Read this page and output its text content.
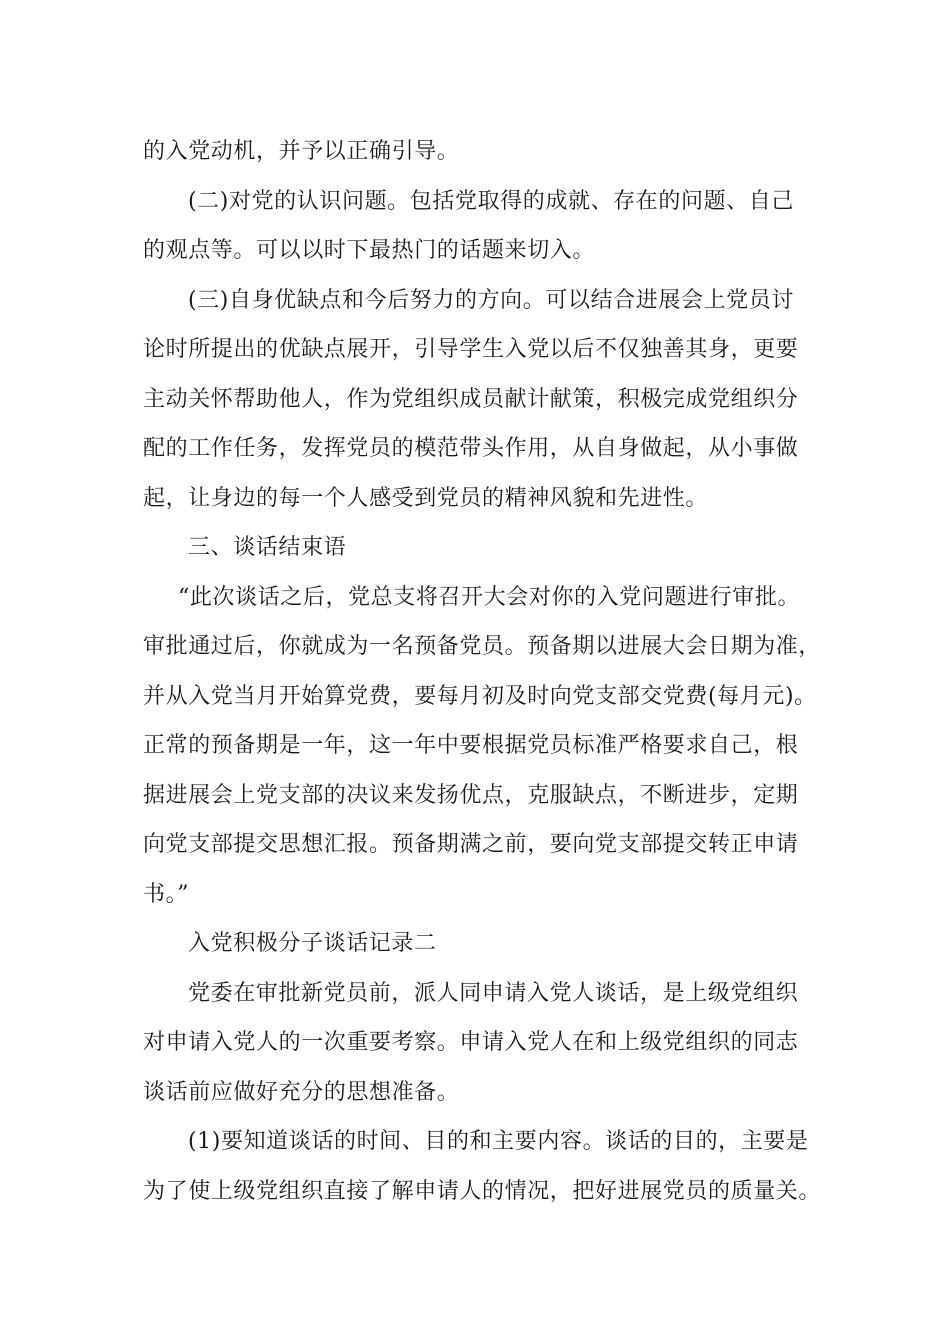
的入党动机，并予以正确引导。

(二)对党的认识问题。包括党取得的成就、存在的问题、自己

的观点等。可以以时下最热门的话题来切入。

(三)自身优缺点和今后努力的方向。可以结合进展会上党员讨

论时所提出的优缺点展开，引导学生入党以后不仅独善其身，更要

主动关怀帮助他人，作为党组织成员献计献策，积极完成党组织分

配的工作任务，发挥党员的模范带头作用，从自身做起，从小事做

起，让身边的每一个人感受到党员的精神风貌和先进性。

三、谈话结束语

“此次谈话之后，党总支将召开大会对你的入党问题进行审批。

审批通过后，你就成为一名预备党员。预备期以进展大会日期为准，

并从入党当月开始算党费，要每月初及时向党支部交党费(每月元)。

正常的预备期是一年，这一年中要根据党员标准严格要求自己，根

据进展会上党支部的决议来发扬优点，克服缺点，不断进步，定期

向党支部提交思想汇报。预备期满之前，要向党支部提交转正申请

书。”

入党积极分子谈话记录二

党委在审批新党员前，派人同申请入党人谈话，是上级党组织

对申请入党人的一次重要考察。申请入党人在和上级党组织的同志

谈话前应做好充分的思想准备。

(1)要知道谈话的时间、目的和主要内容。谈话的目的，主要是

为了使上级党组织直接了解申请人的情况，把好进展党员的质量关。
